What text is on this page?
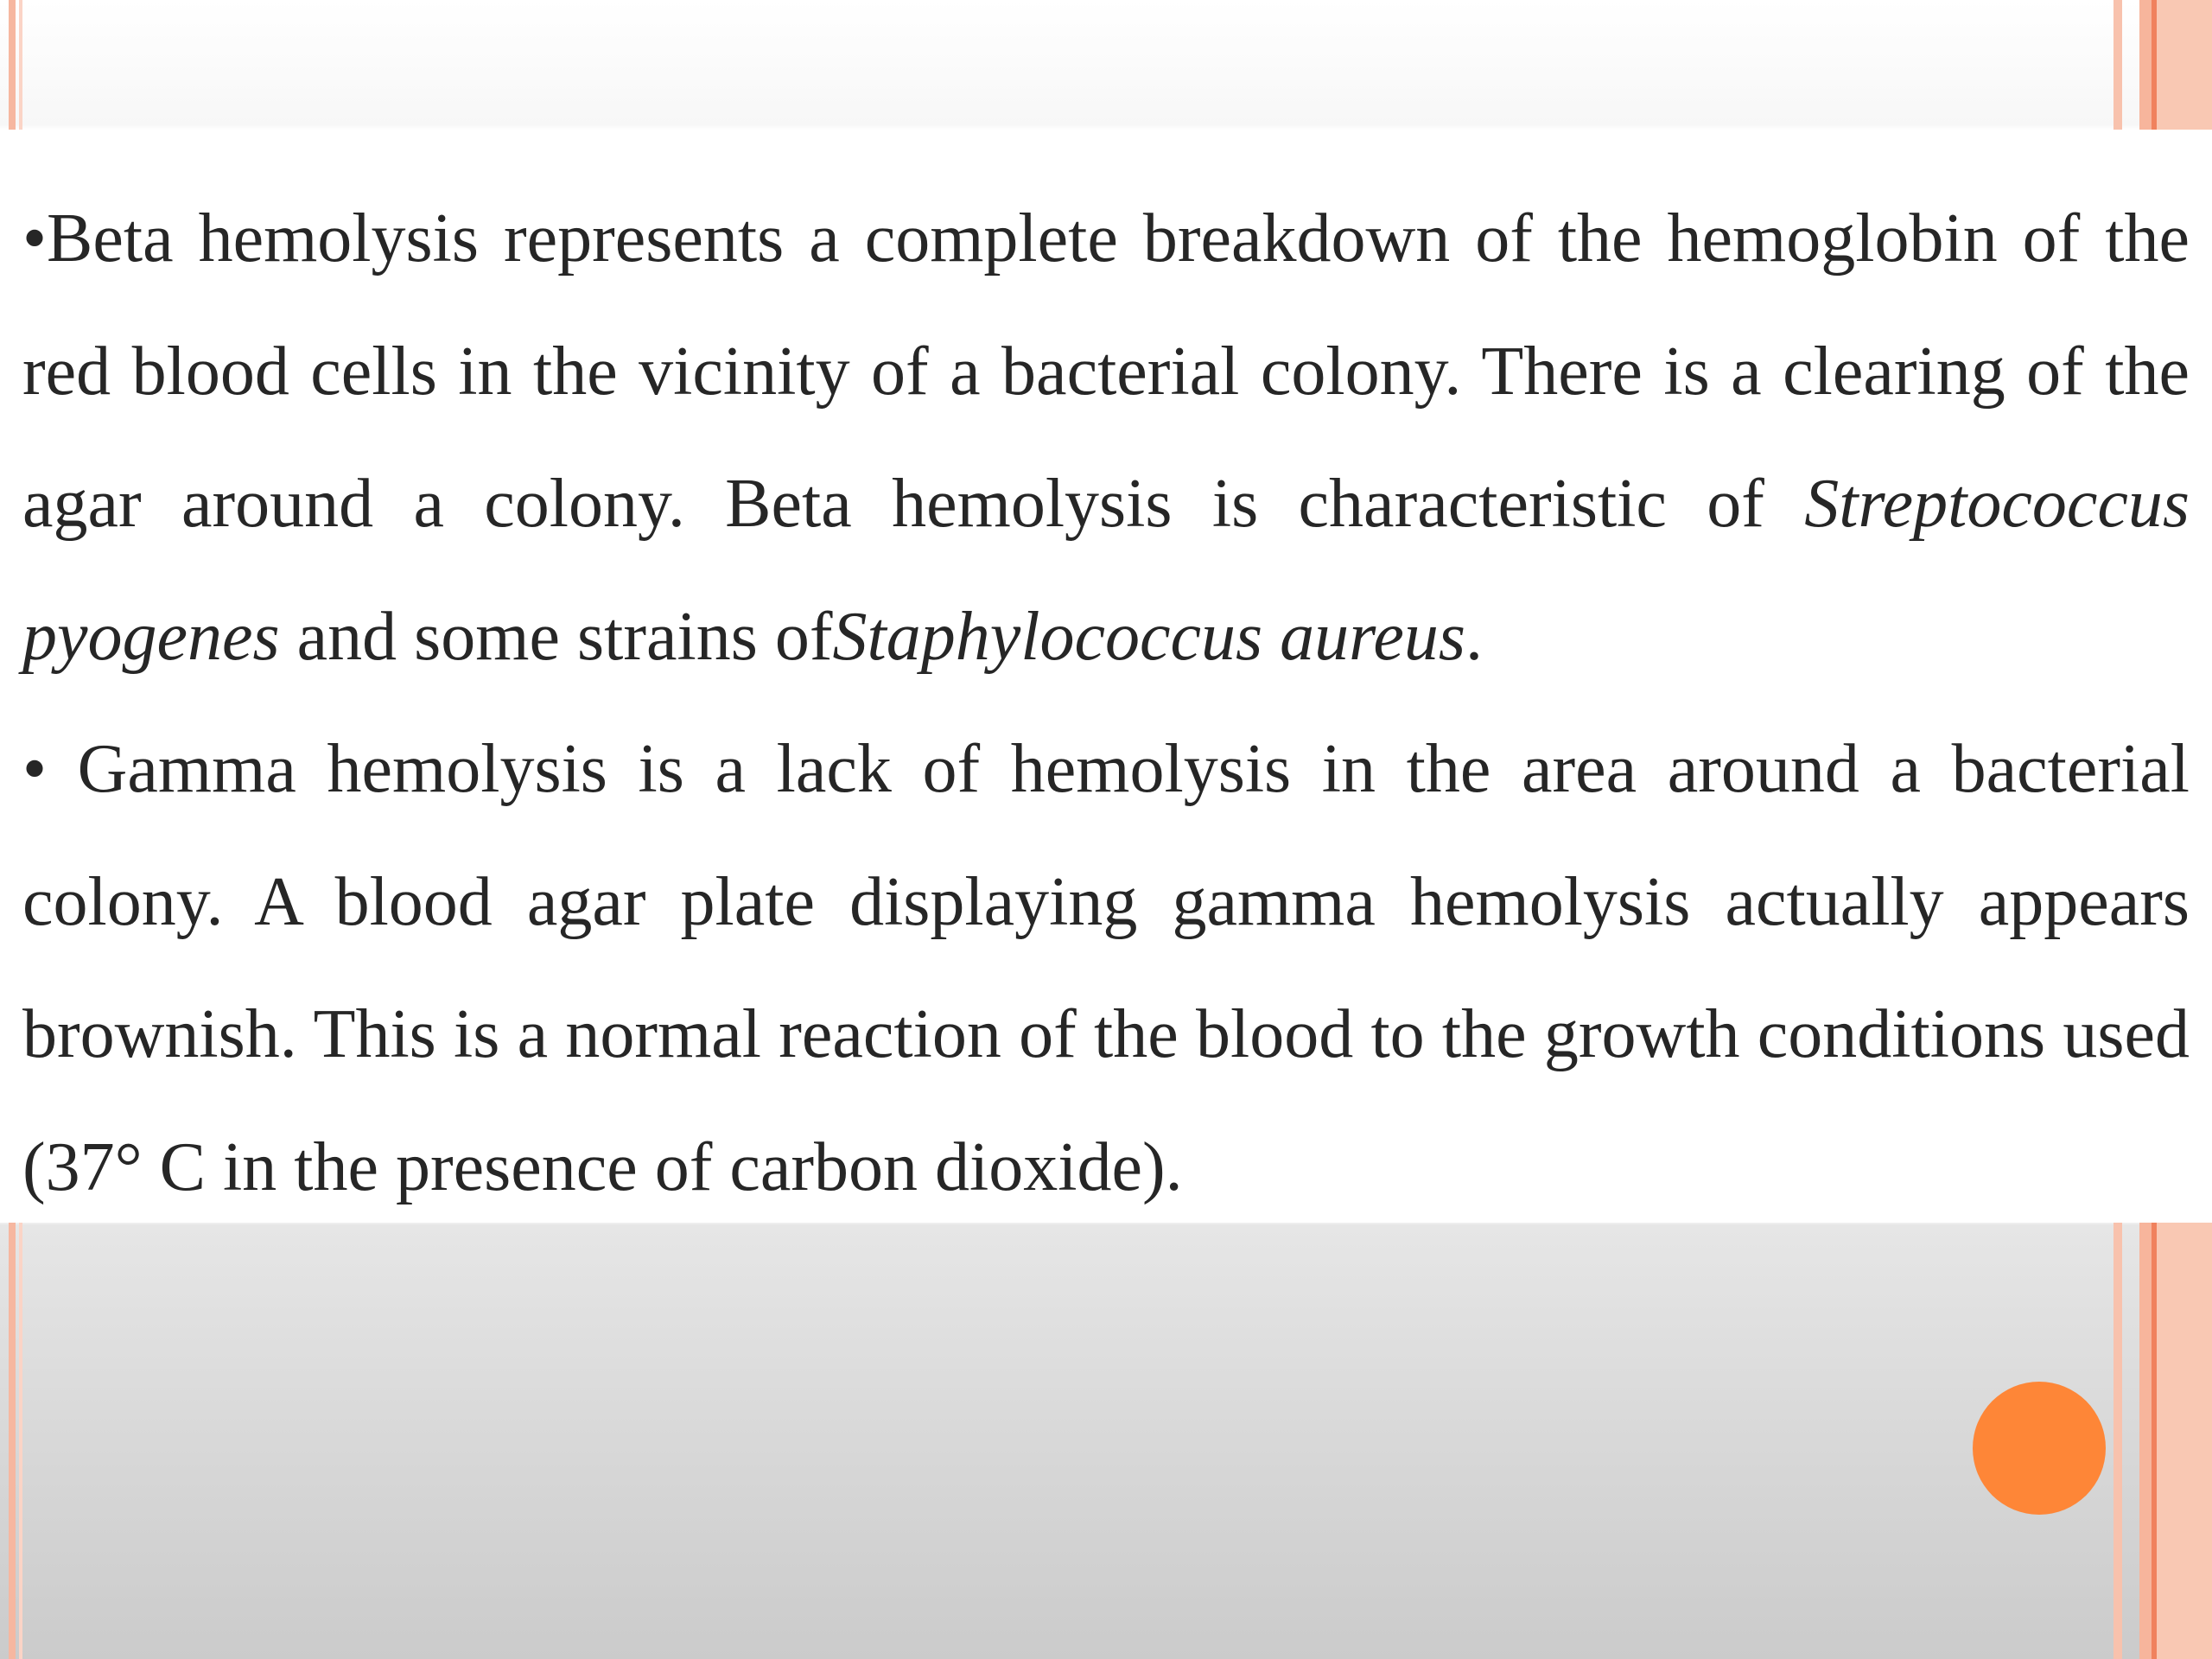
•Beta hemolysis represents a complete breakdown of the hemoglobin of the red blood cells in the vicinity of a bacterial colony. There is a clearing of the agar around a colony. Beta hemolysis is characteristic of Streptococcus pyogenes and some strains ofStaphylococcus aureus.

• Gamma hemolysis is a lack of hemolysis in the area around a bacterial colony. A blood agar plate displaying gamma hemolysis actually appears brownish. This is a normal reaction of the blood to the growth conditions used (37° C in the presence of carbon dioxide).
